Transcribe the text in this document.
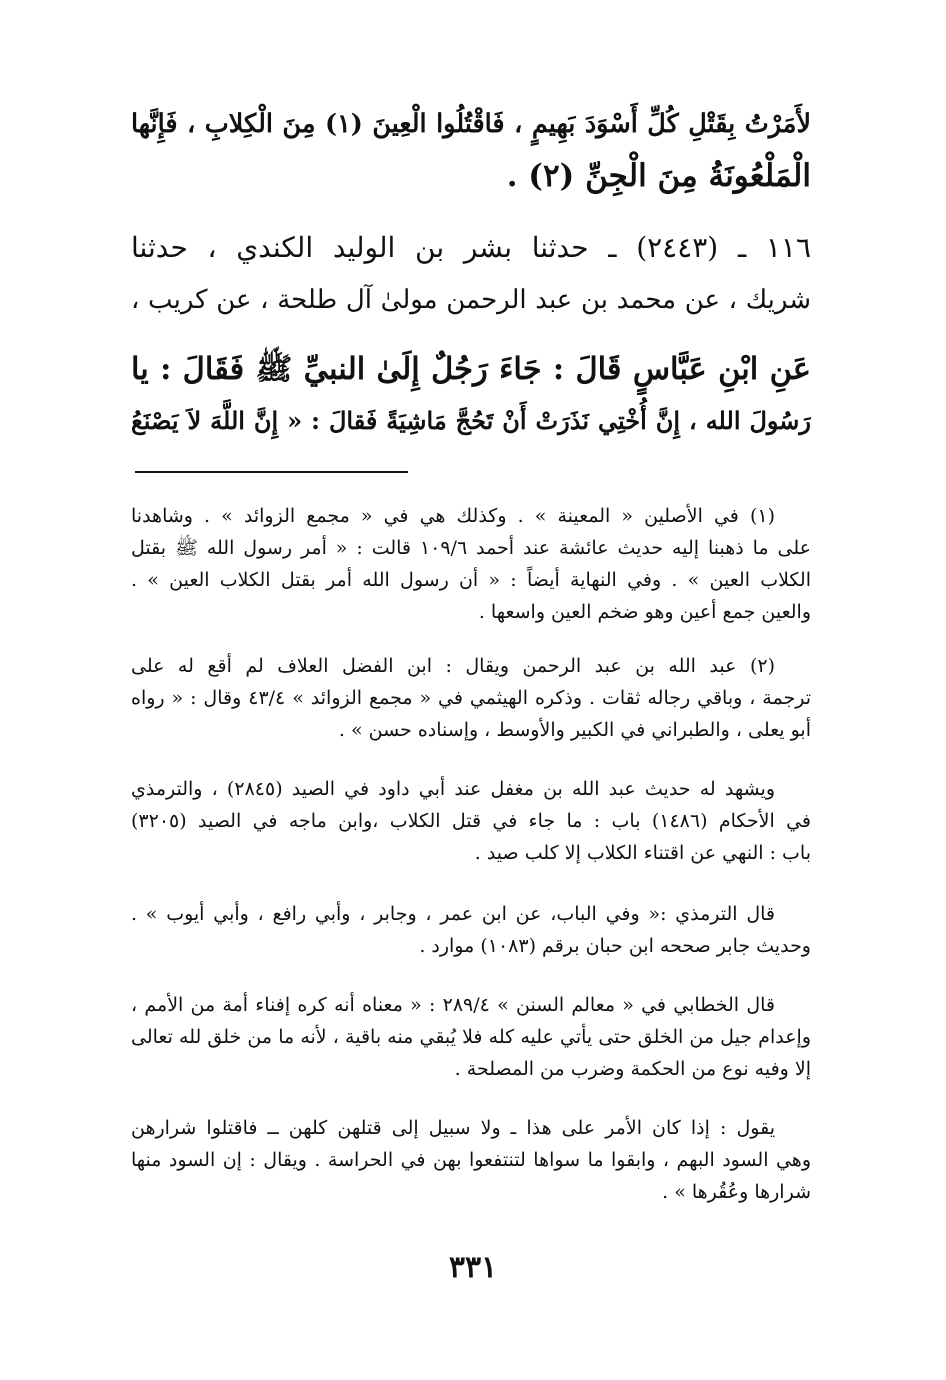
لأَمَرْتُ بِقَتْلِ كُلِّ أَسْوَدَ بَهِيمٍ ، فَاقْتُلُوا الْعِينَ (١) مِنَ الْكِلابِ ، فَإِنَّها
الْمَلْعُونَةُ مِنَ الْجِنِّ (٢) .
١١٦ ـ (٢٤٤٣) ـ حدثنا بشر بن الوليد الكندي ، حدثنا
شريك ، عن محمد بن عبد الرحمن مولىٰ آل طلحة ، عن كريب ،
عَنِ ابْنِ عَبَّاسٍ قَالَ : جَاءَ رَجُلٌ إِلَىٰ النبيِّ ﷺ فَقَالَ : يا
رَسُولَ الله ، إِنَّ أُخْتِي نَذَرَتْ أَنْ تَحُجَّ مَاشِيَةً فَقالَ : « إِنَّ اللَّهَ لاَ يَصْنَعُ
(١) في الأصلين « المعينة » . وكذلك هي في « مجمع الزوائد » . وشاهدنا
على ما ذهبنا إليه حديث عائشة عند أحمد ١٠٩/٦ قالت : « أمر رسول الله ﷺ بقتل
الكلاب العين » . وفي النهاية أيضاً : « أن رسول الله أمر بقتل الكلاب العين » .
والعين جمع أعين وهو ضخم العين واسعها .
(٢) عبد الله بن عبد الرحمن ويقال : ابن الفضل العلاف لم أقع له على
ترجمة ، وباقي رجاله ثقات . وذكره الهيثمي في « مجمع الزوائد » ٤٣/٤ وقال : « رواه
أبو يعلى ، والطبراني في الكبير والأوسط ، وإسناده حسن » .
ويشهد له حديث عبد الله بن مغفل عند أبي داود في الصيد (٢٨٤٥) ، والترمذي
في الأحكام (١٤٨٦) باب : ما جاء في قتل الكلاب ،وابن ماجه في الصيد (٣٢٠٥)
باب : النهي عن اقتناء الكلاب إلا كلب صيد .
قال الترمذي :« وفي الباب، عن ابن عمر ، وجابر ، وأبي رافع ، وأبي أيوب » .
وحديث جابر صححه ابن حبان برقم (١٠٨٣) موارد .
قال الخطابي في « معالم السنن » ٢٨٩/٤ : « معناه أنه كره إفناء أمة من الأمم ،
وإعدام جيل من الخلق حتى يأتي عليه كله فلا يُبقي منه باقية ، لأنه ما من خلق لله تعالى
إلا وفيه نوع من الحكمة وضرب من المصلحة .
يقول : إذا كان الأمر على هذا ـ ولا سبيل إلى قتلهن كلهن ــ فاقتلوا شرارهن
وهي السود البهم ، وابقوا ما سواها لتنتفعوا بهن في الحراسة . ويقال : إن السود منها
شرارها وعُقُرها » .
٣٣١
